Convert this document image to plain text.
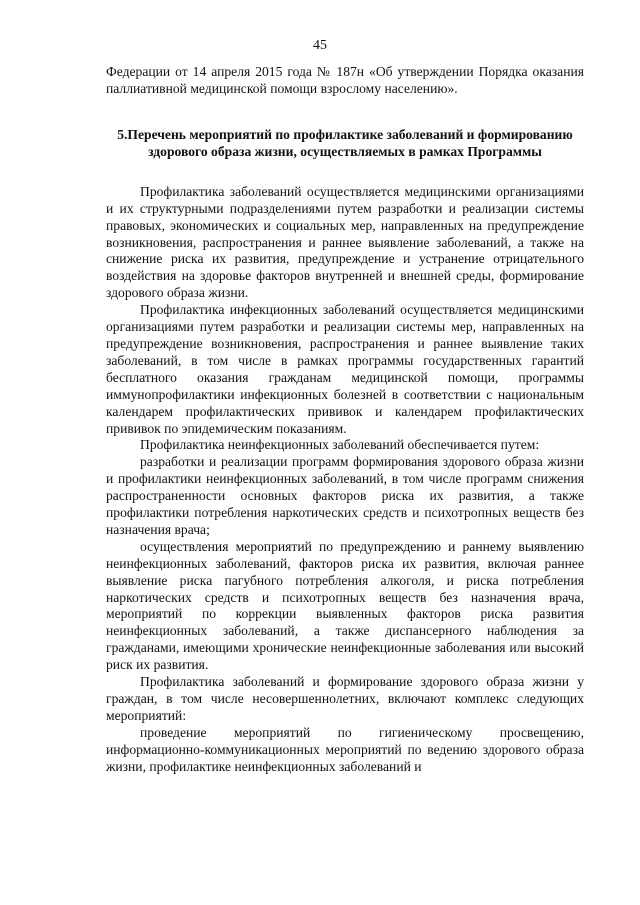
45

Федерации от 14 апреля 2015 года № 187н «Об утверждении Порядка оказания паллиативной медицинской помощи взрослому населению».

5.Перечень мероприятий по профилактике заболеваний и формированию здорового образа жизни, осуществляемых в рамках Программы

Профилактика заболеваний осуществляется медицинскими организациями и их структурными подразделениями путем разработки и реализации системы правовых, экономических и социальных мер, направленных на предупреждение возникновения, распространения и раннее выявление заболеваний, а также на снижение риска их развития, предупреждение и устранение отрицательного воздействия на здоровье факторов внутренней и внешней среды, формирование здорового образа жизни.

Профилактика инфекционных заболеваний осуществляется медицинскими организациями путем разработки и реализации системы мер, направленных на предупреждение возникновения, распространения и раннее выявление таких заболеваний, в том числе в рамках программы государственных гарантий бесплатного оказания гражданам медицинской помощи, программы иммунопрофилактики инфекционных болезней в соответствии с национальным календарем профилактических прививок и календарем профилактических прививок по эпидемическим показаниям.

Профилактика неинфекционных заболеваний обеспечивается путем:

разработки и реализации программ формирования здорового образа жизни и профилактики неинфекционных заболеваний, в том числе программ снижения распространенности основных факторов риска их развития, а также профилактики потребления наркотических средств и психотропных веществ без назначения врача;

осуществления мероприятий по предупреждению и раннему выявлению неинфекционных заболеваний, факторов риска их развития, включая раннее выявление риска пагубного потребления алкоголя, и риска потребления наркотических средств и психотропных веществ без назначения врача, мероприятий по коррекции выявленных факторов риска развития неинфекционных заболеваний, а также диспансерного наблюдения за гражданами, имеющими хронические неинфекционные заболевания или высокий риск их развития.

Профилактика заболеваний и формирование здорового образа жизни у граждан, в том числе несовершеннолетних, включают комплекс следующих мероприятий:

проведение мероприятий по гигиеническому просвещению, информационно-коммуникационных мероприятий по ведению здорового образа жизни, профилактике неинфекционных заболеваний и
